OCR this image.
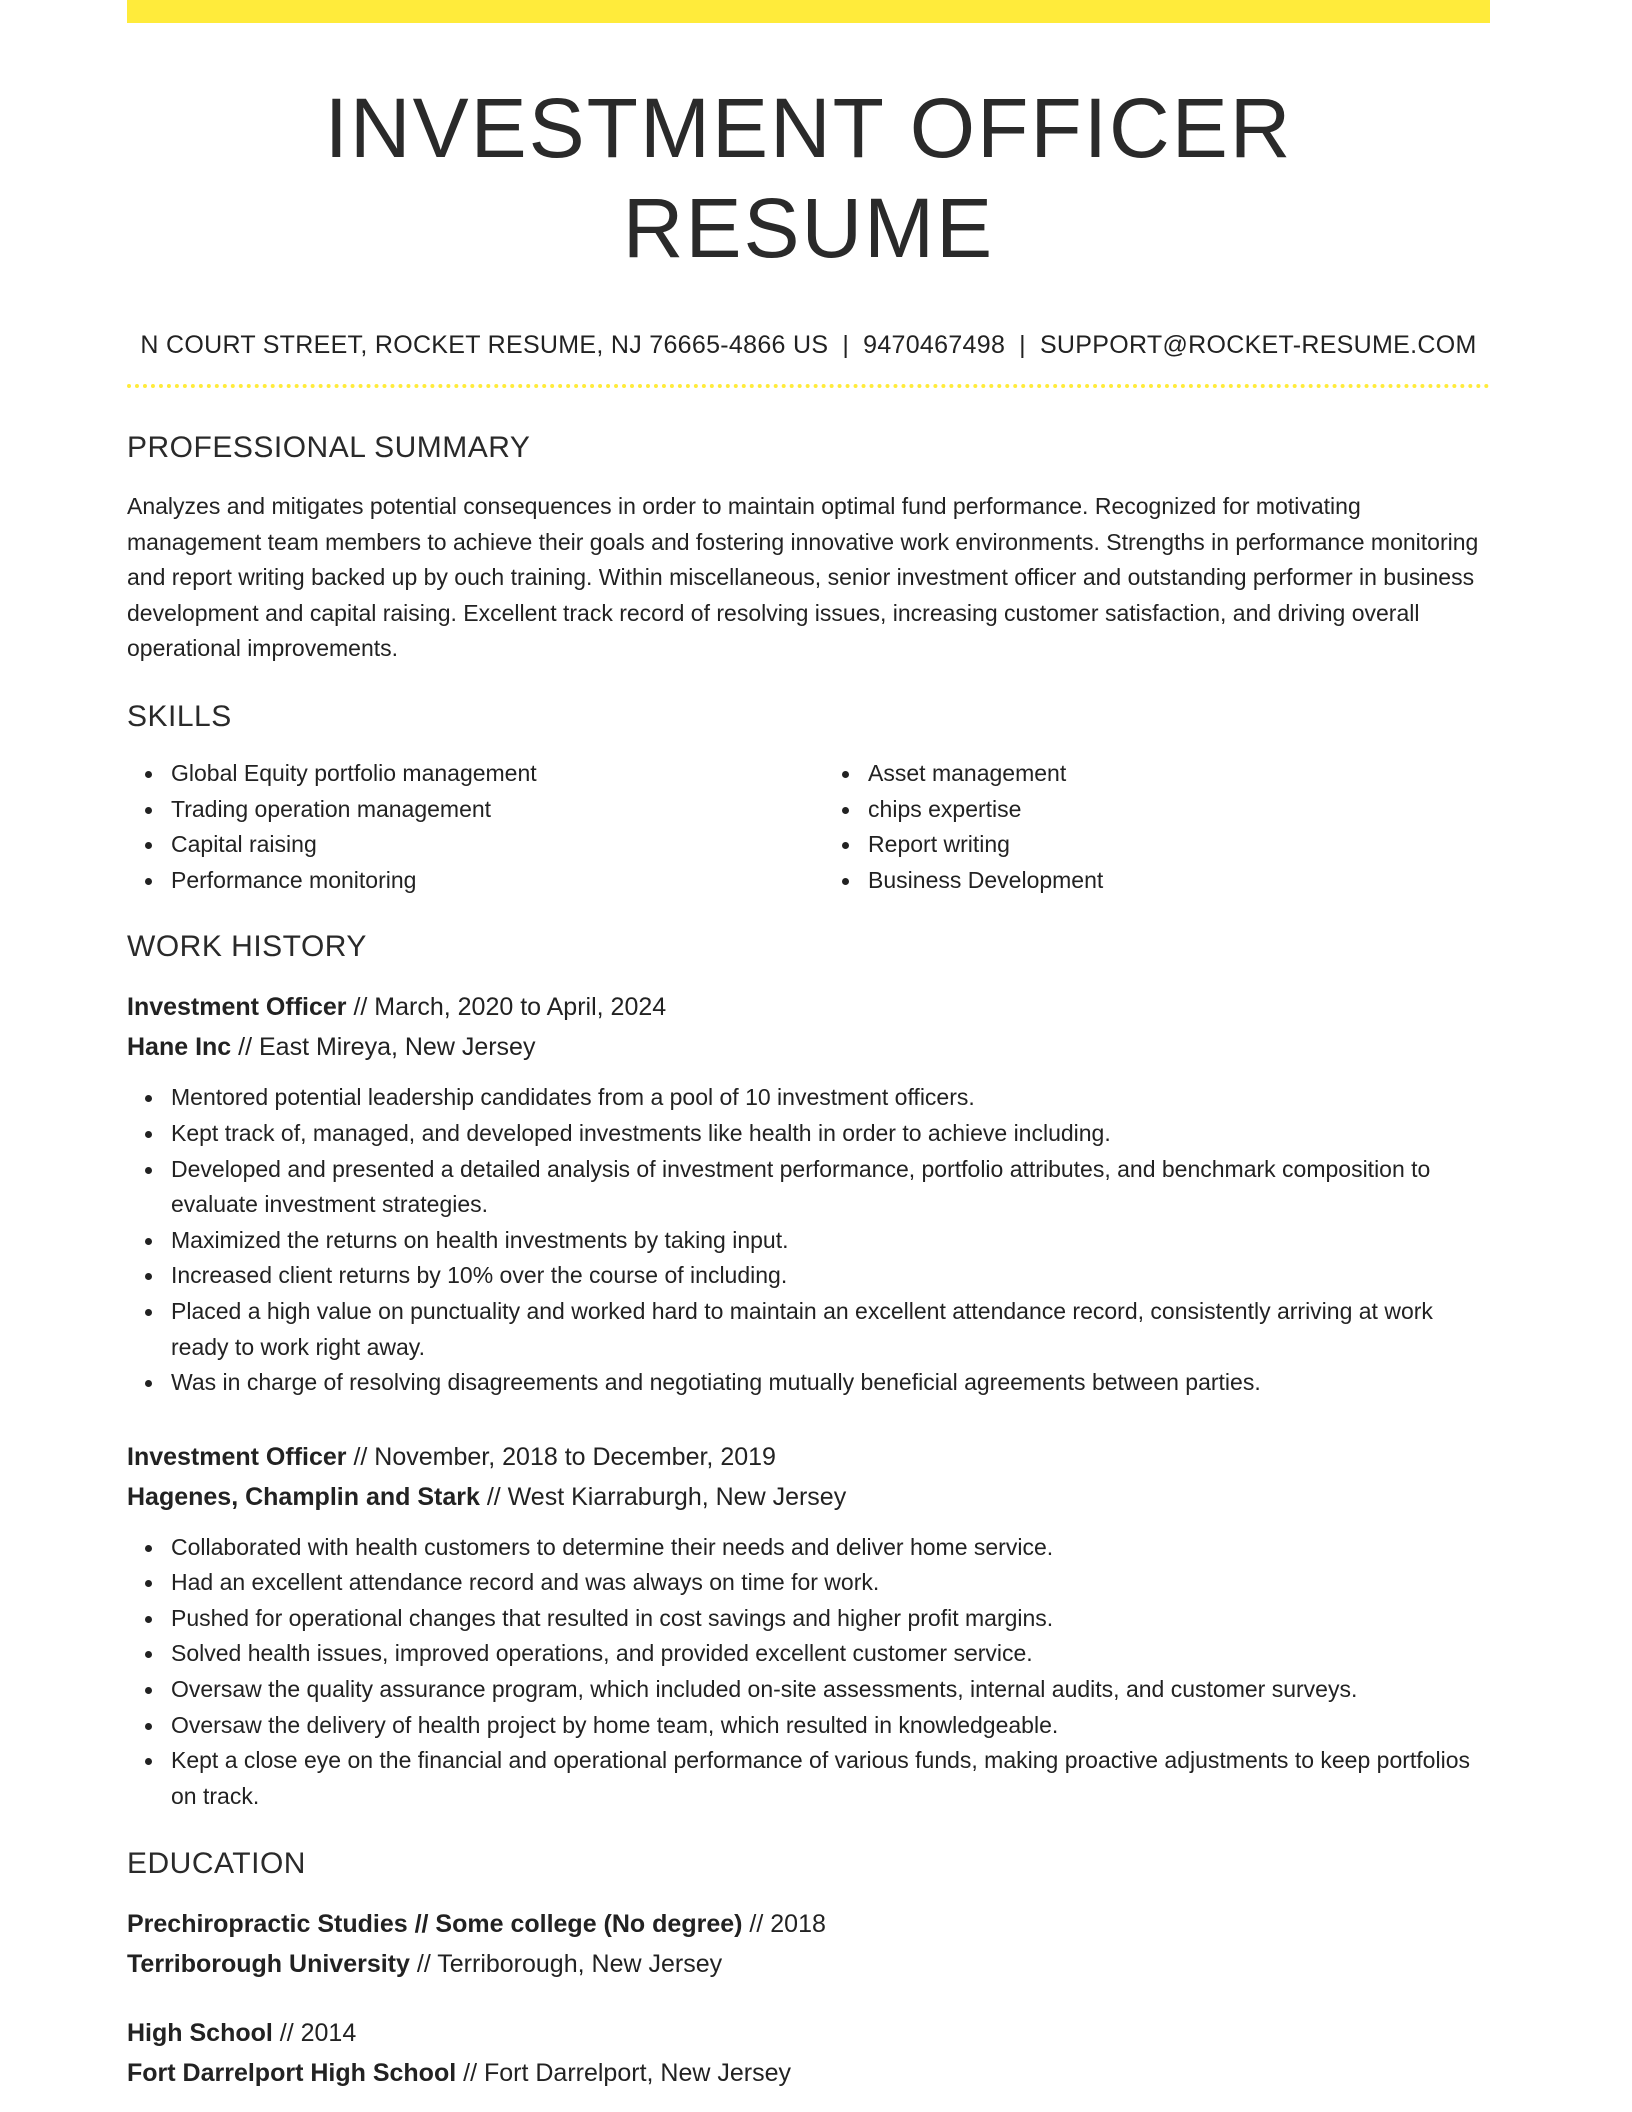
INVESTMENT OFFICER RESUME
N COURT STREET, ROCKET RESUME, NJ 76665-4866 US | 9470467498 | SUPPORT@ROCKET-RESUME.COM
PROFESSIONAL SUMMARY

Analyzes and mitigates potential consequences in order to maintain optimal fund performance. Recognized for motivating management team members to achieve their goals and fostering innovative work environments. Strengths in performance monitoring and report writing backed up by ouch training. Within miscellaneous, senior investment officer and outstanding performer in business development and capital raising. Excellent track record of resolving issues, increasing customer satisfaction, and driving overall operational improvements.

SKILLS
Global Equity portfolio management
Trading operation management
Capital raising
Performance monitoring
Asset management
chips expertise
Report writing
Business Development
WORK HISTORY
Investment Officer // March, 2020 to April, 2024
Hane Inc // East Mireya, New Jersey
Mentored potential leadership candidates from a pool of 10 investment officers.
Kept track of, managed, and developed investments like health in order to achieve including.
Developed and presented a detailed analysis of investment performance, portfolio attributes, and benchmark composition to evaluate investment strategies.
Maximized the returns on health investments by taking input.
Increased client returns by 10% over the course of including.
Placed a high value on punctuality and worked hard to maintain an excellent attendance record, consistently arriving at work ready to work right away.
Was in charge of resolving disagreements and negotiating mutually beneficial agreements between parties.
Investment Officer // November, 2018 to December, 2019
Hagenes, Champlin and Stark // West Kiarraburgh, New Jersey
Collaborated with health customers to determine their needs and deliver home service.
Had an excellent attendance record and was always on time for work.
Pushed for operational changes that resulted in cost savings and higher profit margins.
Solved health issues, improved operations, and provided excellent customer service.
Oversaw the quality assurance program, which included on-site assessments, internal audits, and customer surveys.
Oversaw the delivery of health project by home team, which resulted in knowledgeable.
Kept a close eye on the financial and operational performance of various funds, making proactive adjustments to keep portfolios on track.
EDUCATION
Prechiropractic Studies // Some college (No degree) // 2018
Terriborough University // Terriborough, New Jersey
High School // 2014
Fort Darrelport High School // Fort Darrelport, New Jersey
